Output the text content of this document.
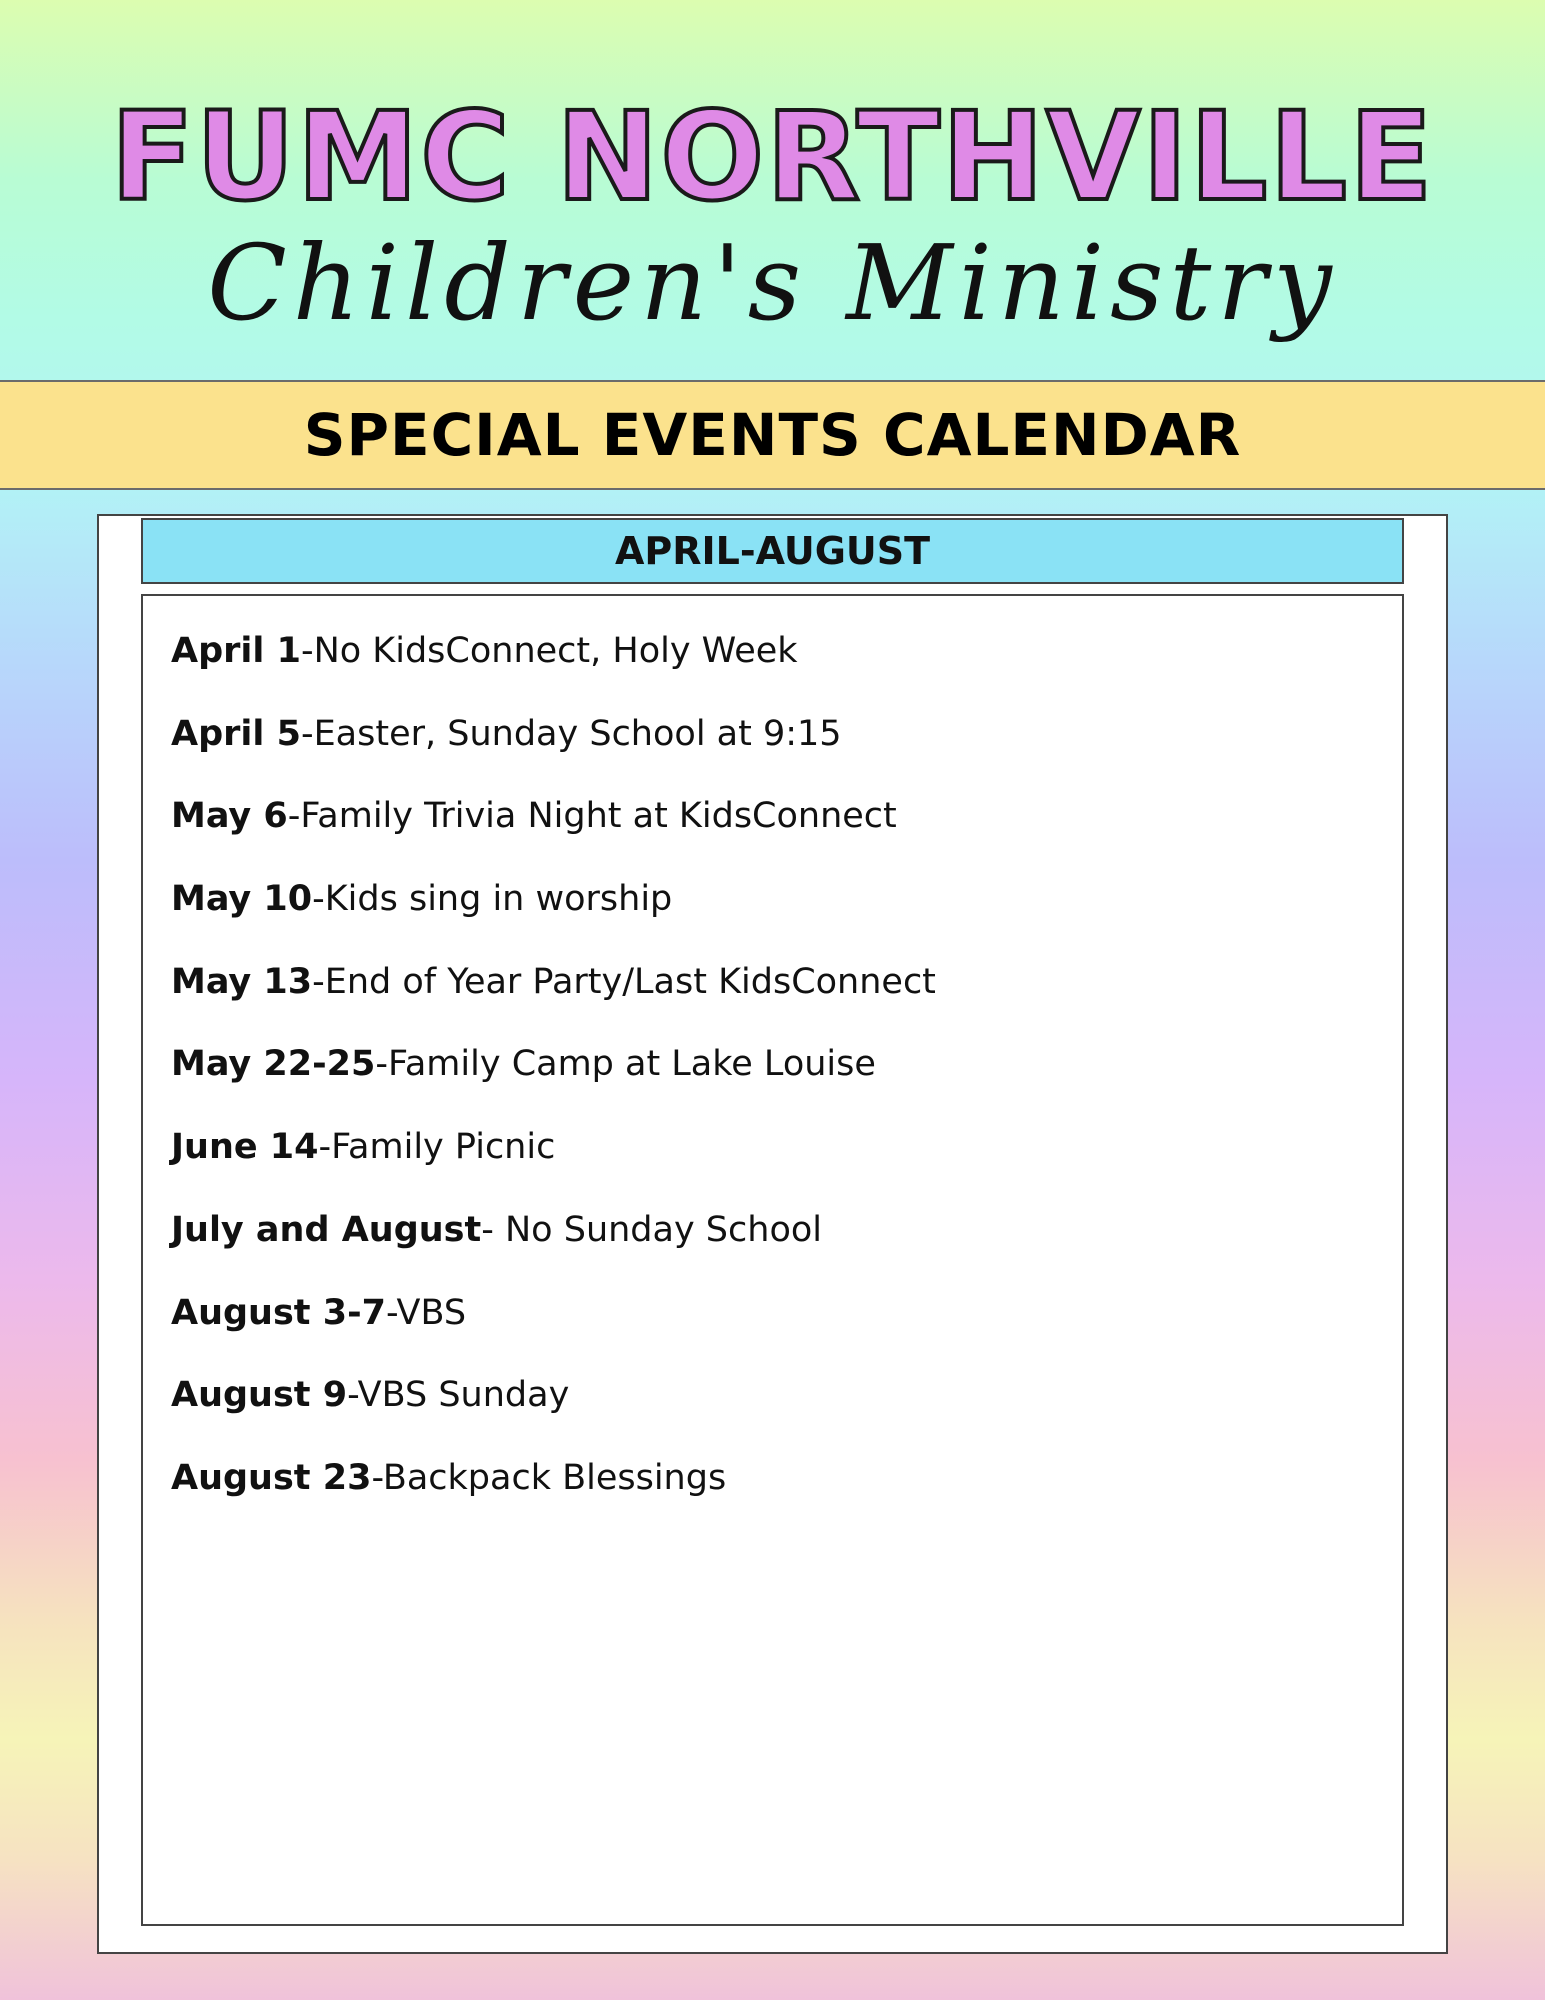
FUMC NORTHVILLE
Children's Ministry
SPECIAL EVENTS CALENDAR
APRIL-AUGUST
April 1-No KidsConnect, Holy Week
April 5-Easter, Sunday School at 9:15
May 6-Family Trivia Night at KidsConnect
May 10-Kids sing in worship
May 13-End of Year Party/Last KidsConnect
May 22-25-Family Camp at Lake Louise
June 14-Family Picnic
July and August- No Sunday School
August 3-7-VBS
August 9-VBS Sunday
August 23-Backpack Blessings
